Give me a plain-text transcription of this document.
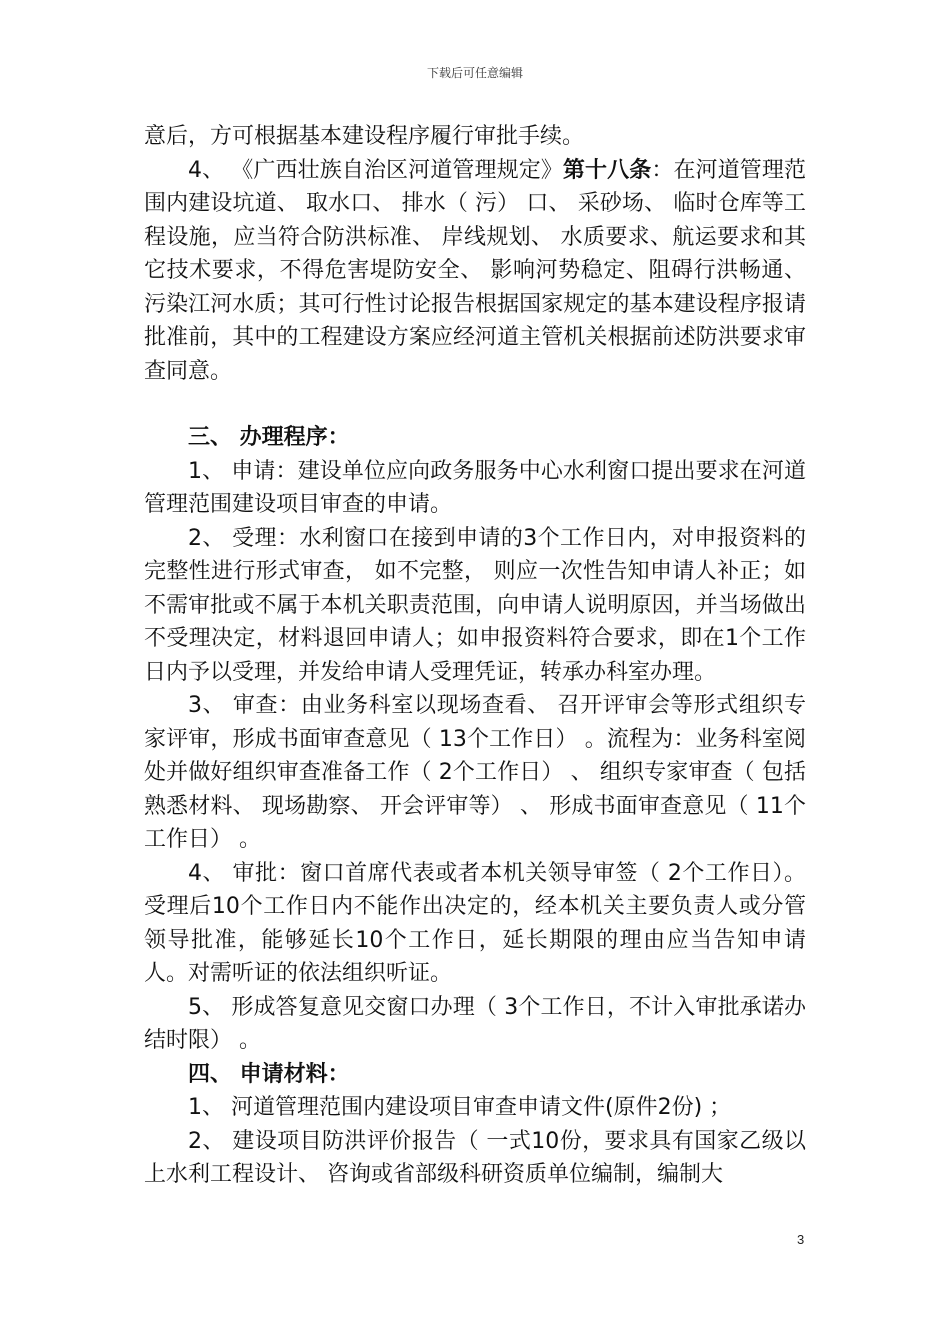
下载后可任意编辑

意后，方可根据基本建设程序履行审批手续。

4、 《广西壮族自治区河道管理规定》第十八条：在河道管理范围内建设坑道、 取水口、 排水（ 污） 口、 采砂场、 临时仓库等工程设施，应当符合防洪标准、 岸线规划、 水质要求、航运要求和其它技术要求，不得危害堤防安全、 影响河势稳定、阻碍行洪畅通、 污染江河水质；其可行性讨论报告根据国家规定的基本建设程序报请批准前，其中的工程建设方案应经河道主管机关根据前述防洪要求审查同意。

三、 办理程序：

1、 申请：建设单位应向政务服务中心水利窗口提出要求在河道管理范围建设项目审查的申请。

2、 受理：水利窗口在接到申请的3个工作日内，对申报资料的完整性进行形式审查， 如不完整， 则应一次性告知申请人补正；如不需审批或不属于本机关职责范围，向申请人说明原因，并当场做出不受理决定，材料退回申请人；如申报资料符合要求，即在1个工作日内予以受理，并发给申请人受理凭证，转承办科室办理。

3、 审查：由业务科室以现场查看、 召开评审会等形式组织专家评审，形成书面审查意见（ 13个工作日） 。流程为：业务科室阅处并做好组织审查准备工作（ 2个工作日） 、 组织专家审查（ 包括熟悉材料、 现场勘察、 开会评审等） 、 形成书面审查意见（ 11个工作日） 。

4、 审批：窗口首席代表或者本机关领导审签（ 2个工作日）。受理后10个工作日内不能作出决定的，经本机关主要负责人或分管领导批准，能够延长10个工作日，延长期限的理由应当告知申请人。对需听证的依法组织听证。

5、 形成答复意见交窗口办理（ 3个工作日，不计入审批承诺办结时限） 。

四、 申请材料：

1、 河道管理范围内建设项目审查申请文件(原件2份) ；

2、 建设项目防洪评价报告（ 一式10份，要求具有国家乙级以上水利工程设计、 咨询或省部级科研资质单位编制，编制大

3
